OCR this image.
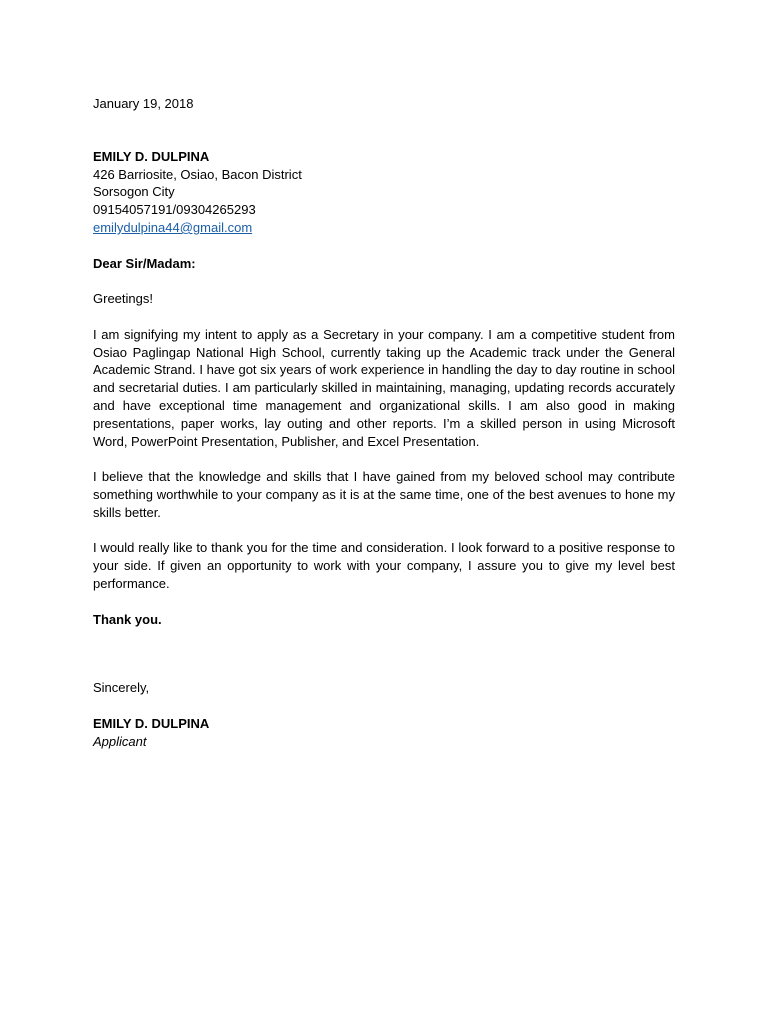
January 19, 2018

EMILY D. DULPINA

426 Barriosite, Osiao, Bacon District

Sorsogon City

09154057191/09304265293

emilydulpina44@gmail.com

Dear Sir/Madam:

Greetings!

I am signifying my intent to apply as a Secretary in your company. I am a competitive student from Osiao Paglingap National High School, currently taking up the Academic track under the General Academic Strand. I have got six years of work experience in handling the day to day routine in school and secretarial duties. I am particularly skilled in maintaining, managing, updating records accurately and have exceptional time management and organizational skills. I am also good in making presentations, paper works, lay outing and other reports. I’m a skilled person in using Microsoft Word, PowerPoint Presentation, Publisher, and Excel Presentation.

I believe that the knowledge and skills that I have gained from my beloved school may contribute something worthwhile to your company as it is at the same time, one of the best avenues to hone my skills better.

I would really like to thank you for the time and consideration. I look forward to a positive response to your side. If given an opportunity to work with your company, I assure you to give my level best performance.

Thank you.

Sincerely,

EMILY D. DULPINA

Applicant
